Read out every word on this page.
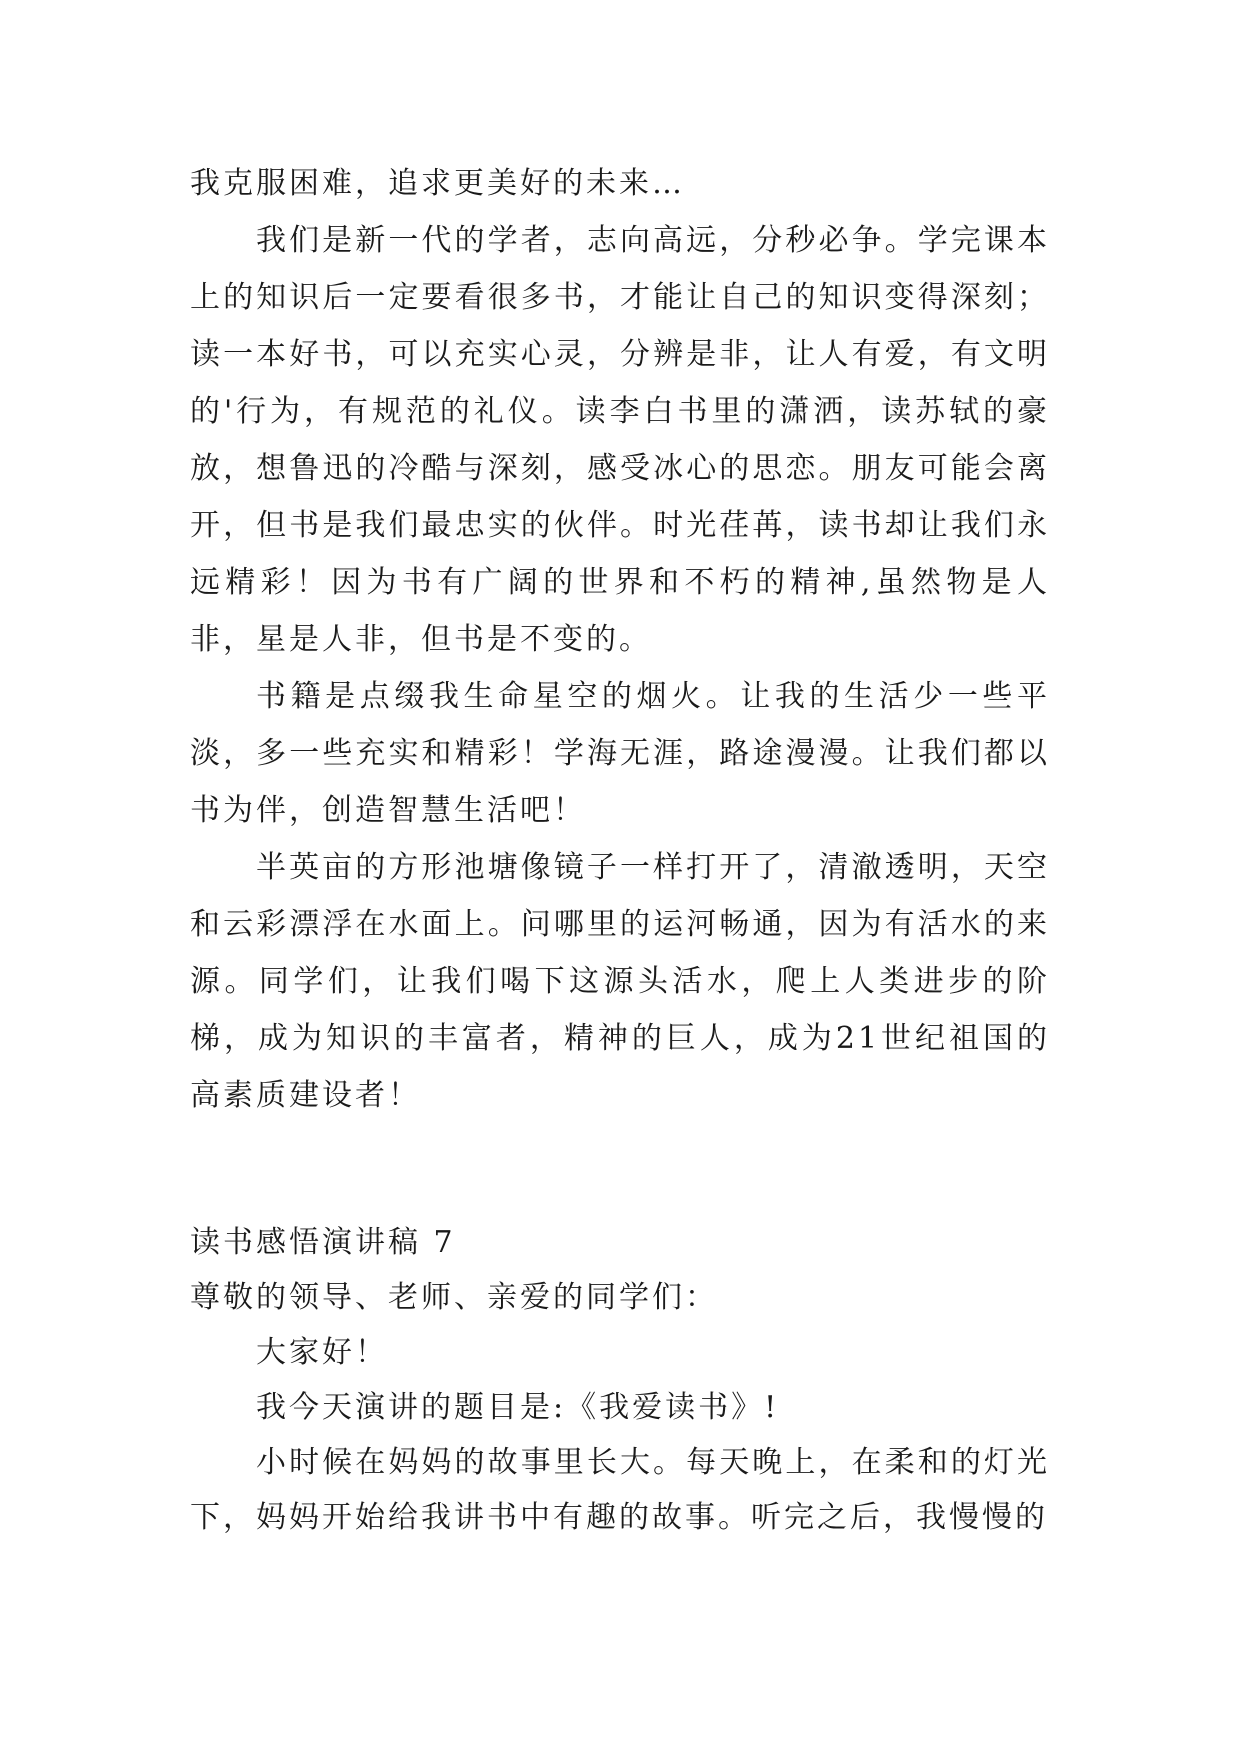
我克服困难，追求更美好的未来…

我们是新一代的学者，志向高远，分秒必争。学完课本上的知识后一定要看很多书，才能让自己的知识变得深刻；读一本好书，可以充实心灵，分辨是非，让人有爱，有文明的'行为，有规范的礼仪。读李白书里的潇洒，读苏轼的豪放，想鲁迅的冷酷与深刻，感受冰心的思恋。朋友可能会离开，但书是我们最忠实的伙伴。时光荏苒，读书却让我们永远精彩！因为书有广阔的世界和不朽的精神,虽然物是人非，星是人非，但书是不变的。

书籍是点缀我生命星空的烟火。让我的生活少一些平淡，多一些充实和精彩！学海无涯，路途漫漫。让我们都以书为伴，创造智慧生活吧！

半英亩的方形池塘像镜子一样打开了，清澈透明，天空和云彩漂浮在水面上。问哪里的运河畅通，因为有活水的来源。同学们，让我们喝下这源头活水，爬上人类进步的阶梯，成为知识的丰富者，精神的巨人，成为21世纪祖国的高素质建设者！

读书感悟演讲稿 7

尊敬的领导、老师、亲爱的同学们：

大家好！

我今天演讲的题目是:《我爱读书》!

小时候在妈妈的故事里长大。每天晚上，在柔和的灯光下，妈妈开始给我讲书中有趣的故事。听完之后，我慢慢的
